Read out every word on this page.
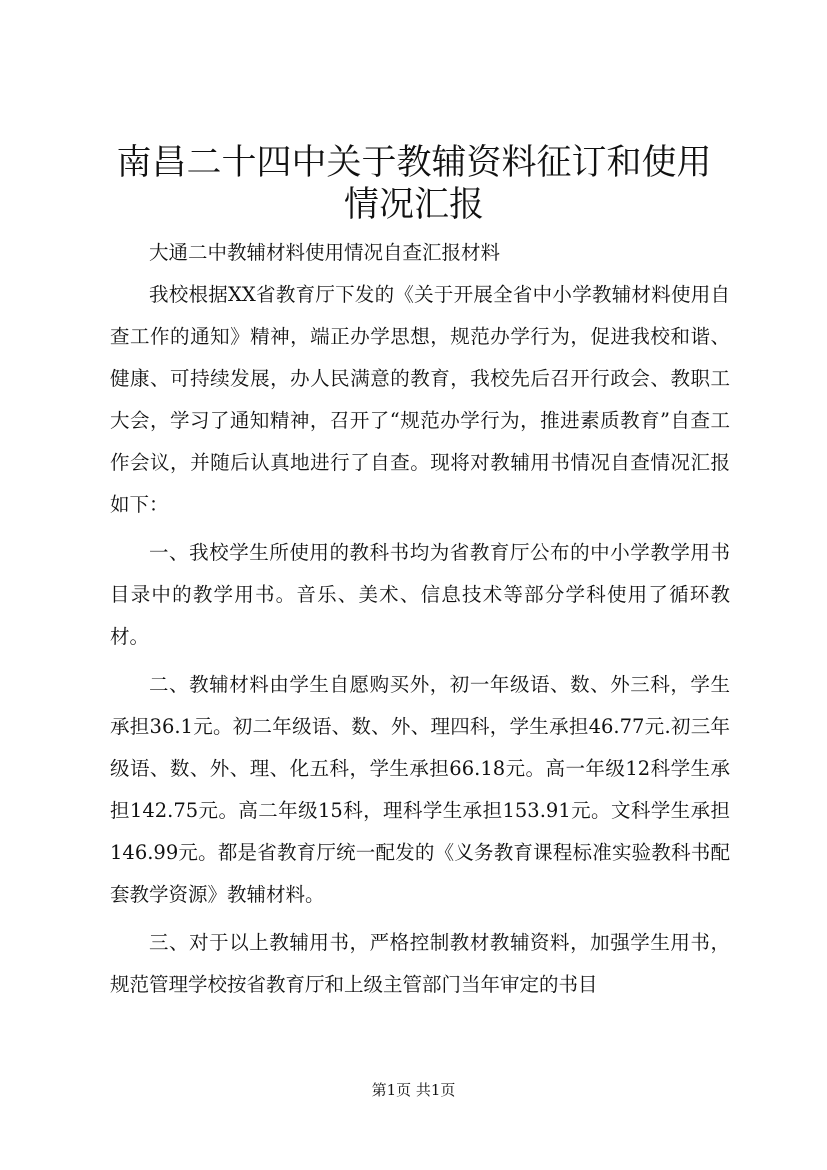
南昌二十四中关于教辅资料征订和使用情况汇报

大通二中教辅材料使用情况自查汇报材料

我校根据XX省教育厅下发的《关于开展全省中小学教辅材料使用自查工作的通知》精神，端正办学思想，规范办学行为，促进我校和谐、健康、可持续发展，办人民满意的教育，我校先后召开行政会、教职工大会，学习了通知精神，召开了“规范办学行为，推进素质教育”自查工作会议，并随后认真地进行了自查。现将对教辅用书情况自查情况汇报如下：

一、我校学生所使用的教科书均为省教育厅公布的中小学教学用书目录中的教学用书。音乐、美术、信息技术等部分学科使用了循环教材。

二、教辅材料由学生自愿购买外，初一年级语、数、外三科，学生承担36.1元。初二年级语、数、外、理四科，学生承担46.77元.初三年级语、数、外、理、化五科，学生承担66.18元。高一年级12科学生承担142.75元。高二年级15科，理科学生承担153.91元。文科学生承担146.99元。都是省教育厅统一配发的《义务教育课程标准实验教科书配套教学资源》教辅材料。

三、对于以上教辅用书，严格控制教材教辅资料，加强学生用书，规范管理学校按省教育厅和上级主管部门当年审定的书目

第1页 共1页
